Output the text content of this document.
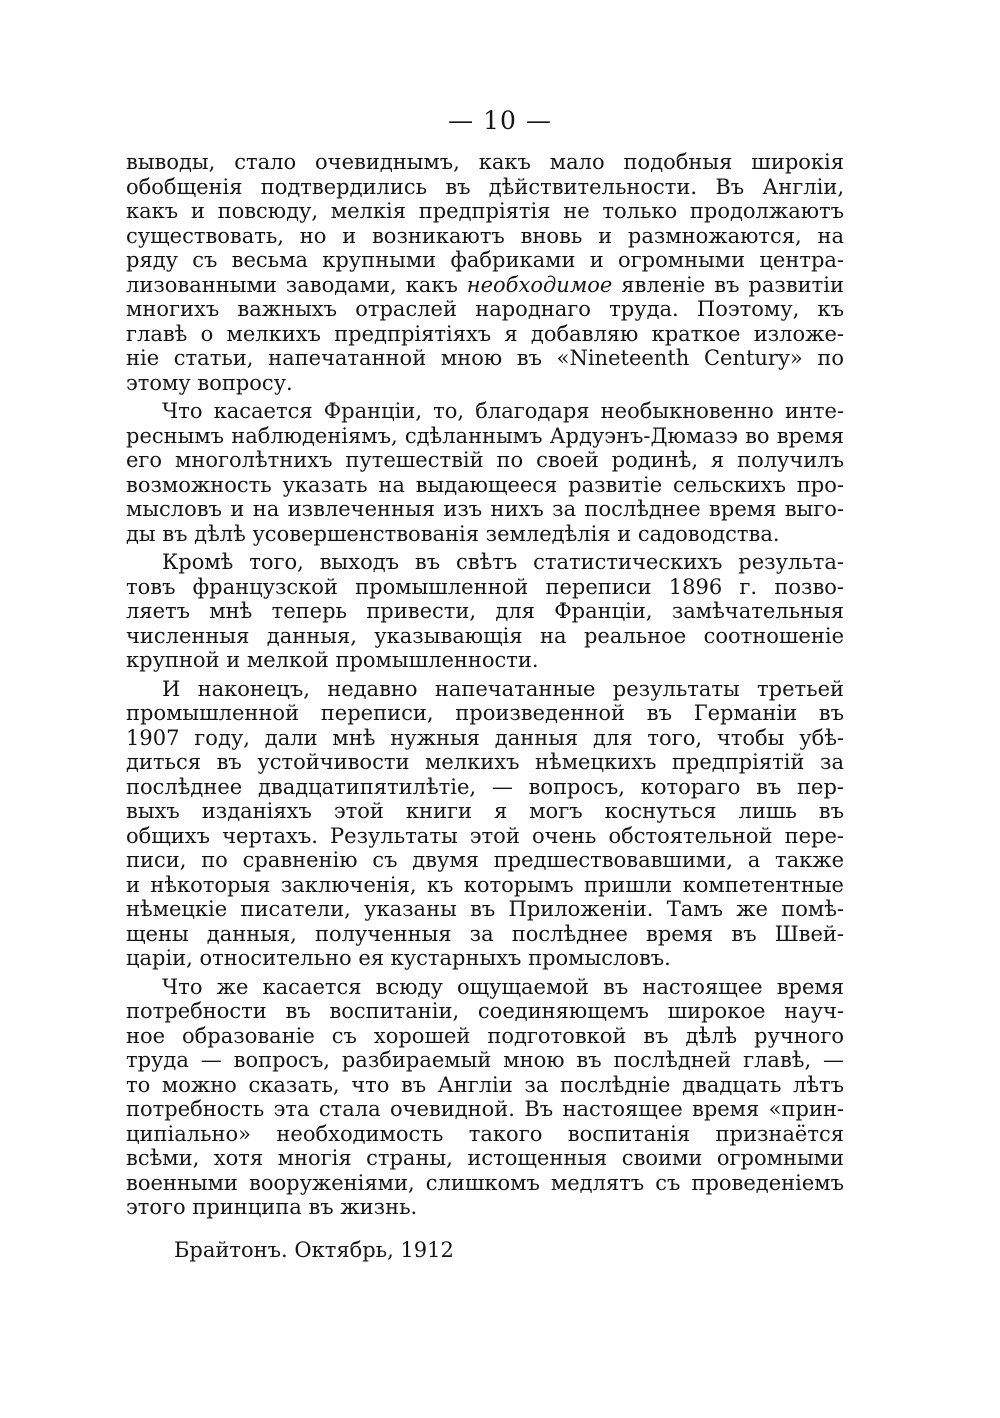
— 10 —
выводы, стало очевиднымъ, какъ мало подобныя широкія
обобщенія подтвердились въ дѣйствительности. Въ Англіи,
какъ и повсюду, мелкія предпріятія не только продолжаютъ
существовать, но и возникаютъ вновь и размножаются, на
ряду съ весьма крупными фабриками и огромными центра-
лизованными заводами, какъ необходимое явленіе въ развитіи
многихъ важныхъ отраслей народнаго труда. Поэтому, къ
главѣ о мелкихъ предпріятіяхъ я добавляю краткое изложе-
ніе статьи, напечатанной мною въ «Nineteenth Century» по
этому вопросу.
Что касается Франціи, то, благодаря необыкновенно инте-
реснымъ наблюденіямъ, сдѣланнымъ Ардуэнъ-Дюмазэ во время
его многолѣтнихъ путешествій по своей родинѣ, я получилъ
возможность указать на выдающееся развитіе сельскихъ про-
мысловъ и на извлеченныя изъ нихъ за послѣднее время выго-
ды въ дѣлѣ усовершенствованія земледѣлія и садоводства.
Кромѣ того, выходъ въ свѣтъ статистическихъ результа-
товъ французской промышленной переписи 1896 г. позво-
ляетъ мнѣ теперь привести, для Франціи, замѣчательныя
численныя данныя, указывающія на реальное соотношеніе
крупной и мелкой промышленности.
И наконецъ, недавно напечатанные результаты третьей
промышленной переписи, произведенной въ Германіи въ
1907 году, дали мнѣ нужныя данныя для того, чтобы убѣ-
диться въ устойчивости мелкихъ нѣмецкихъ предпріятій за
послѣднее двадцатипятилѣтіе, — вопросъ, котораго въ пер-
выхъ изданіяхъ этой книги я могъ коснуться лишь въ
общихъ чертахъ. Результаты этой очень обстоятельной пере-
писи, по сравненію съ двумя предшествовавшими, а также
и нѣкоторыя заключенія, къ которымъ пришли компетентные
нѣмецкіе писатели, указаны въ Приложеніи. Тамъ же помѣ-
щены данныя, полученныя за послѣднее время въ Швей-
царіи, относительно ея кустарныхъ промысловъ.
Что же касается всюду ощущаемой въ настоящее время
потребности въ воспитаніи, соединяющемъ широкое науч-
ное образованіе съ хорошей подготовкой въ дѣлѣ ручного
труда — вопросъ, разбираемый мною въ послѣдней главѣ, —
то можно сказать, что въ Англіи за послѣдніе двадцать лѣтъ
потребность эта стала очевидной. Въ настоящее время «прин-
ципіально» необходимость такого воспитанія признаётся
всѣми, хотя многія страны, истощенныя своими огромными
военными вооруженіями, слишкомъ медлятъ съ проведеніемъ
этого принципа въ жизнь.
Брайтонъ. Октябрь, 1912
